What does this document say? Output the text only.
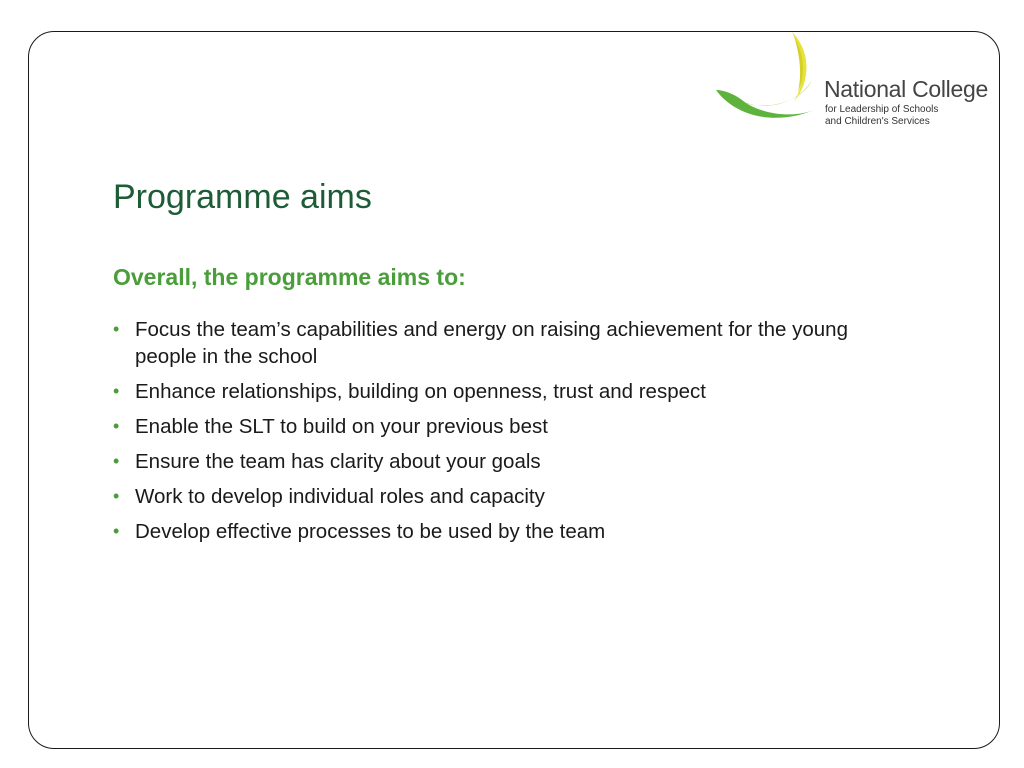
National College
for Leadership of Schools
and Children's Services
Programme aims
Overall, the programme aims to:
• Focus the team’s capabilities and energy on raising achievement for the young people in the school
• Enhance relationships, building on openness, trust and respect
• Enable the SLT to build on your previous best
• Ensure the team has clarity about your goals
• Work to develop individual roles and capacity
• Develop effective processes to be used by the team
